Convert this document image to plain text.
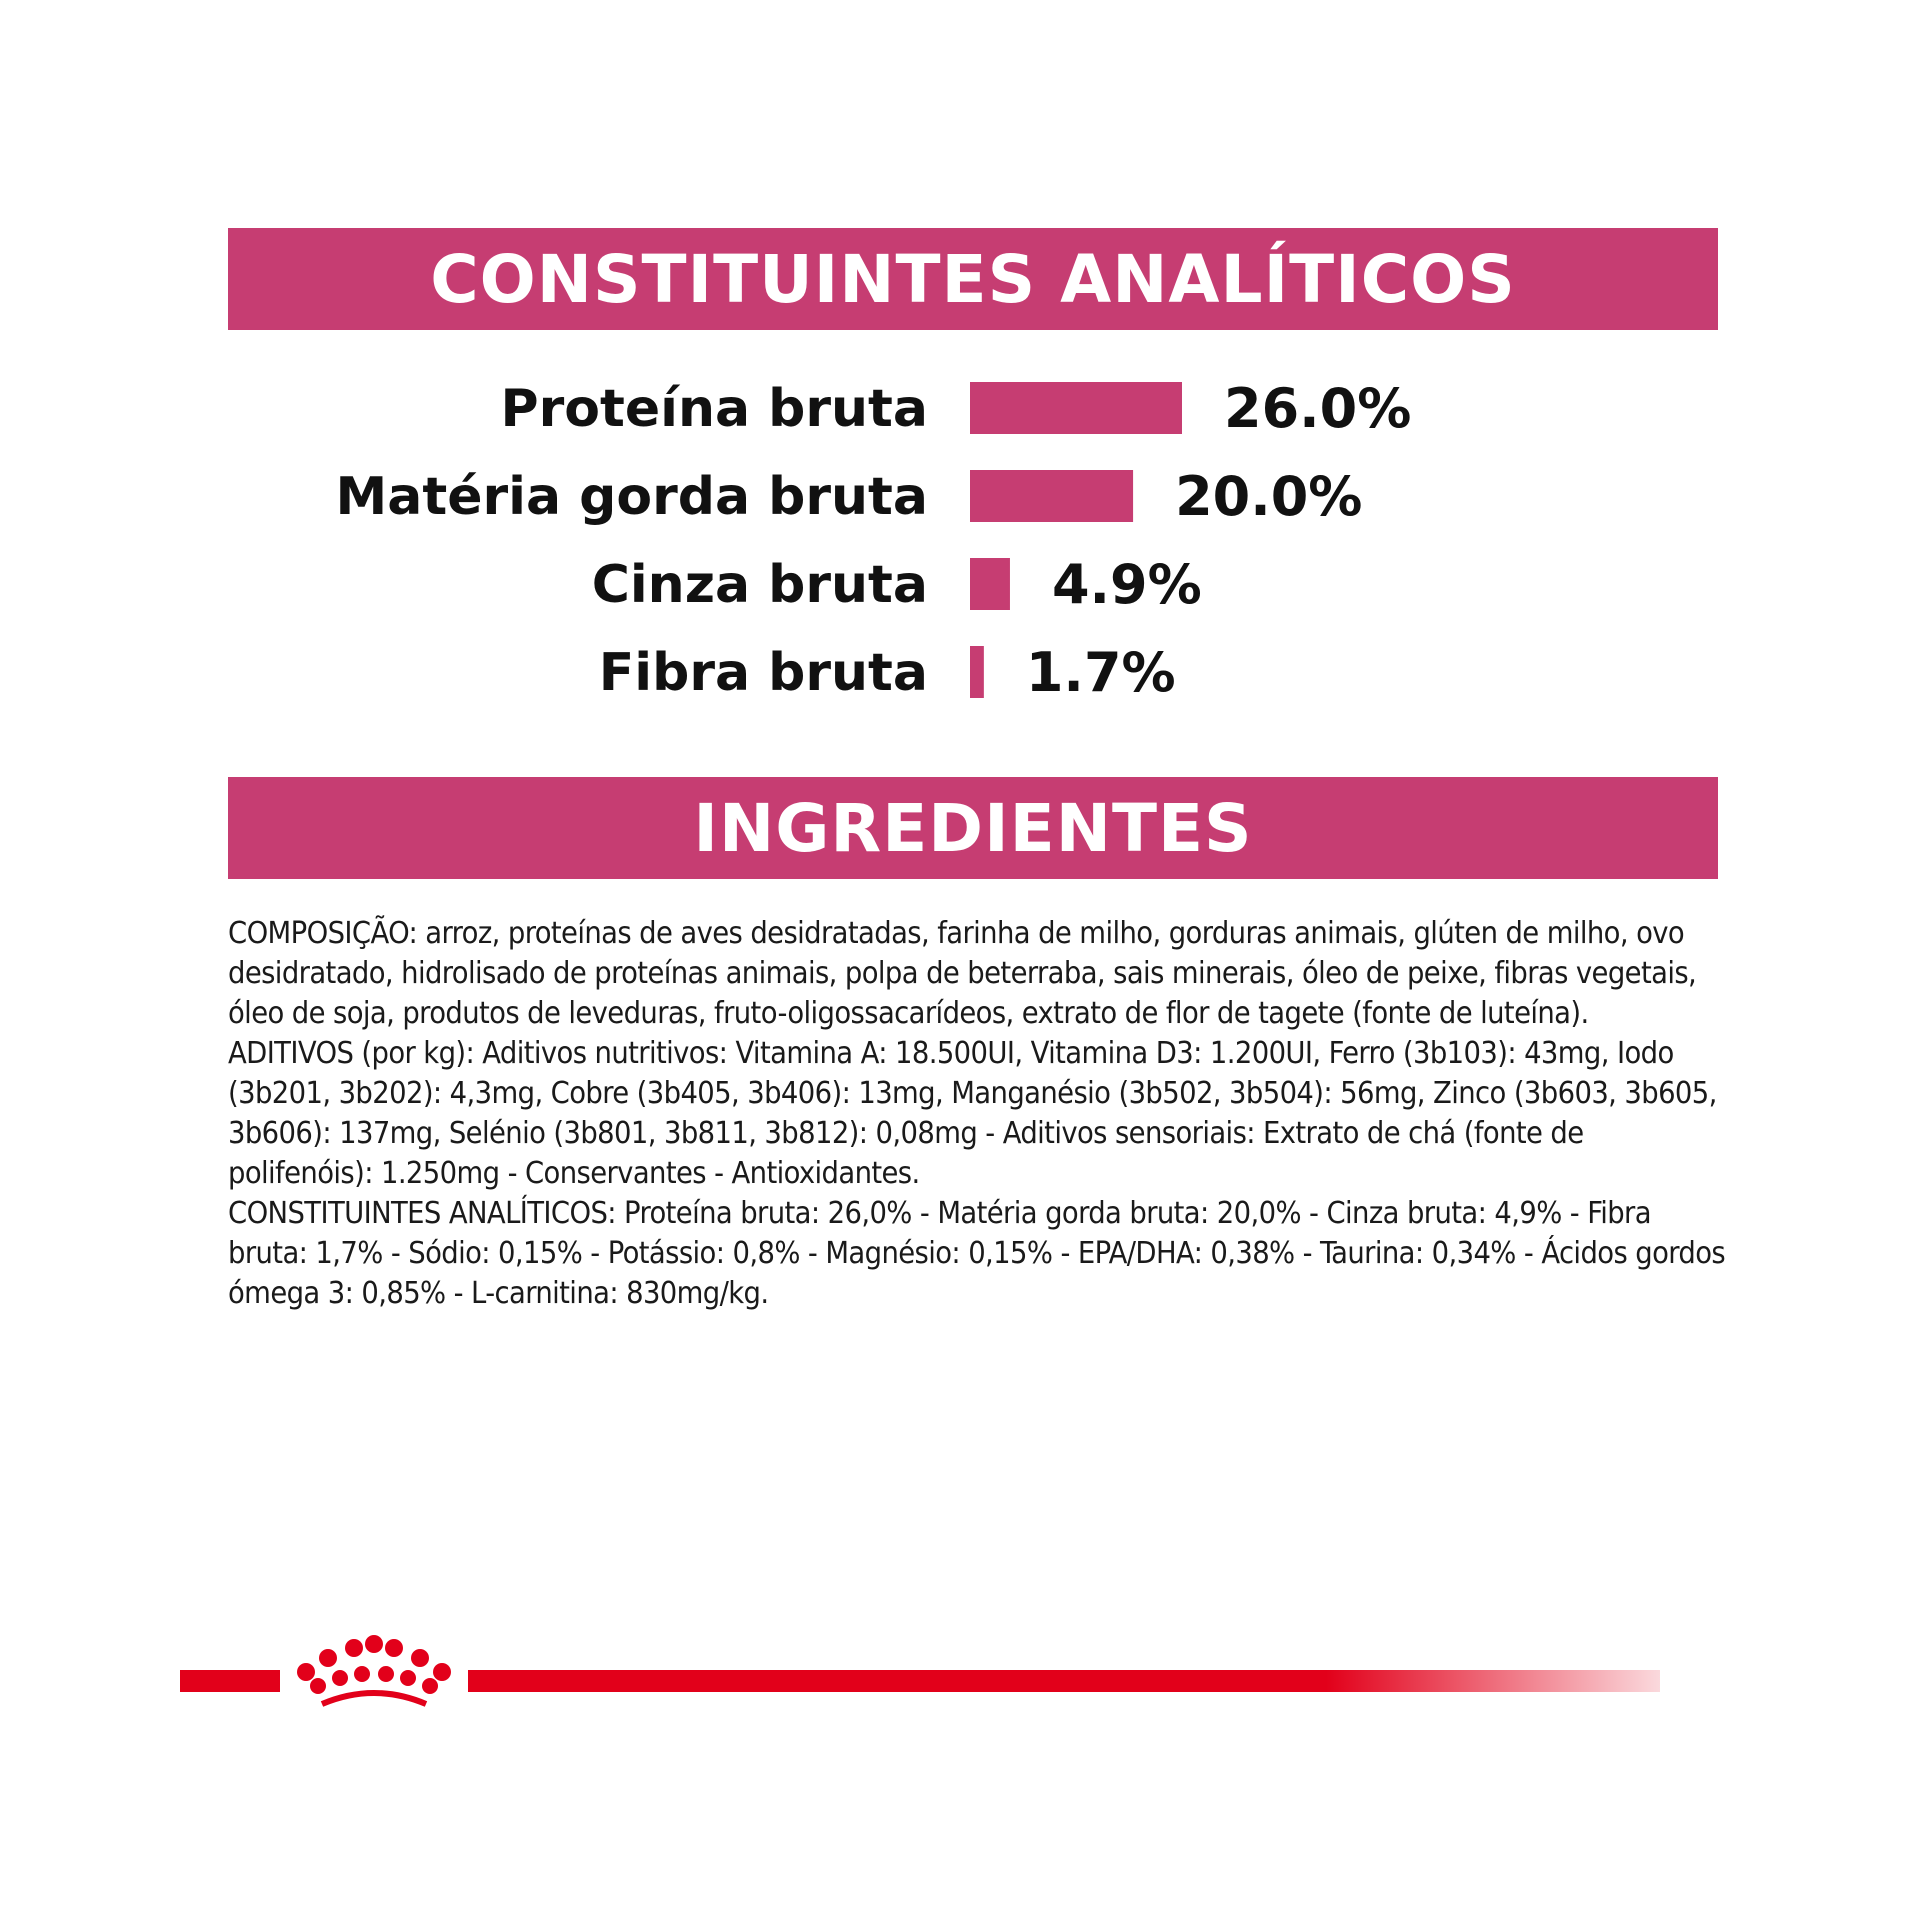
CONSTITUINTES ANALÍTICOS
Proteína bruta	26.0%
Matéria gorda bruta	20.0%
Cinza bruta 4.9%
Fibra bruta 1.7%
INGREDIENTES

COMPOSIÇÃO: arroz, proteínas de aves desidratadas, farinha de milho, gorduras animais, glúten de milho, ovo desidratado, hidrolisado de proteínas animais, polpa de beterraba, sais minerais, óleo de peixe, fibras vegetais, óleo de soja, produtos de leveduras, fruto-oligossacarídeos, extrato de flor de tagete (fonte de luteína).

ADITIVOS (por kg): Aditivos nutritivos: Vitamina A: 18.500UI, Vitamina D3: 1.200UI, Ferro (3b103): 43mg, Iodo (3b201, 3b202): 4,3mg, Cobre (3b405, 3b406): 13mg, Manganésio (3b502, 3b504): 56mg, Zinco (3b603, 3b605, 3b606): 137mg, Selénio (3b801, 3b811, 3b812): 0,08mg - Aditivos sensoriais: Extrato de chá (fonte de polifenóis): 1.250mg - Conservantes - Antioxidantes.

CONSTITUINTES ANALÍTICOS: Proteína bruta: 26,0% - Matéria gorda bruta: 20,0% - Cinza bruta: 4,9% - Fibra bruta: 1,7% - Sódio: 0,15% - Potássio: 0,8% - Magnésio: 0,15% - EPA/DHA: 0,38% - Taurina: 0,34% - Ácidos gordos ómega 3: 0,85% - L-carnitina: 830mg/kg.
